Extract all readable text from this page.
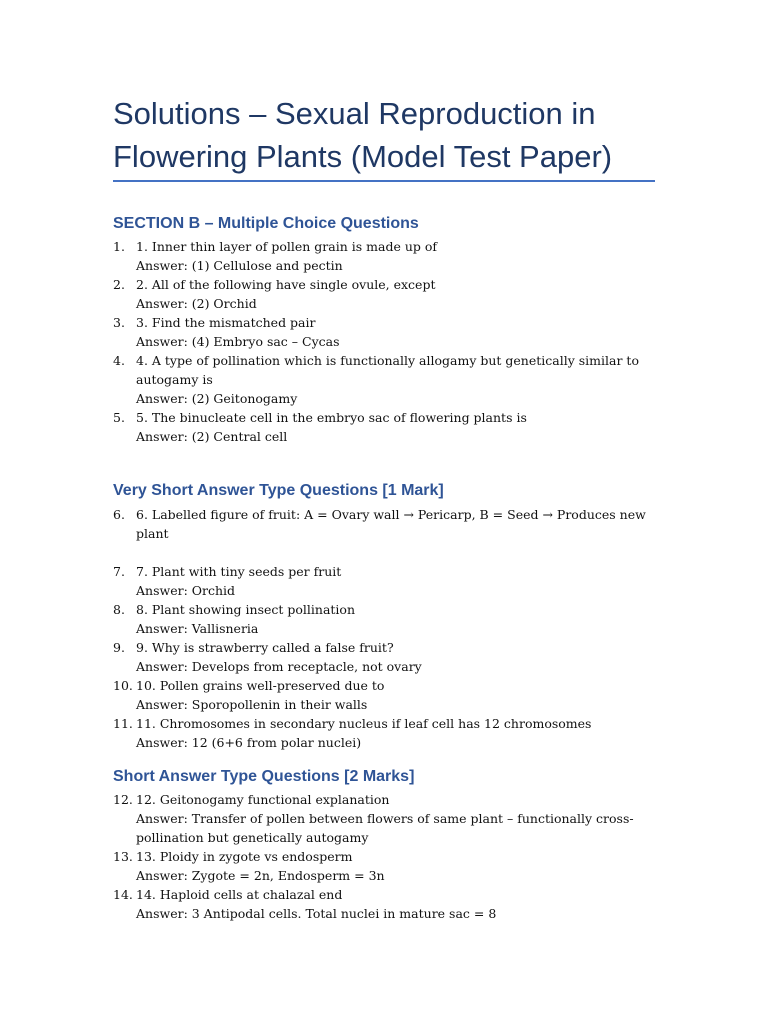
Solutions – Sexual Reproduction in Flowering Plants (Model Test Paper)
SECTION B – Multiple Choice Questions
1. 1. Inner thin layer of pollen grain is made up of
Answer: (1) Cellulose and pectin
2. 2. All of the following have single ovule, except
Answer: (2) Orchid
3. 3. Find the mismatched pair
Answer: (4) Embryo sac – Cycas
4. 4. A type of pollination which is functionally allogamy but genetically similar to autogamy is
Answer: (2) Geitonogamy
5. 5. The binucleate cell in the embryo sac of flowering plants is
Answer: (2) Central cell
Very Short Answer Type Questions [1 Mark]
6. 6. Labelled figure of fruit: A = Ovary wall → Pericarp, B = Seed → Produces new plant
7. 7. Plant with tiny seeds per fruit
Answer: Orchid
8. 8. Plant showing insect pollination
Answer: Vallisneria
9. 9. Why is strawberry called a false fruit?
Answer: Develops from receptacle, not ovary
10. 10. Pollen grains well-preserved due to
Answer: Sporopollenin in their walls
11. 11. Chromosomes in secondary nucleus if leaf cell has 12 chromosomes
Answer: 12 (6+6 from polar nuclei)
Short Answer Type Questions [2 Marks]
12. 12. Geitonogamy functional explanation
Answer: Transfer of pollen between flowers of same plant – functionally cross-pollination but genetically autogamy
13. 13. Ploidy in zygote vs endosperm
Answer: Zygote = 2n, Endosperm = 3n
14. 14. Haploid cells at chalazal end
Answer: 3 Antipodal cells. Total nuclei in mature sac = 8
